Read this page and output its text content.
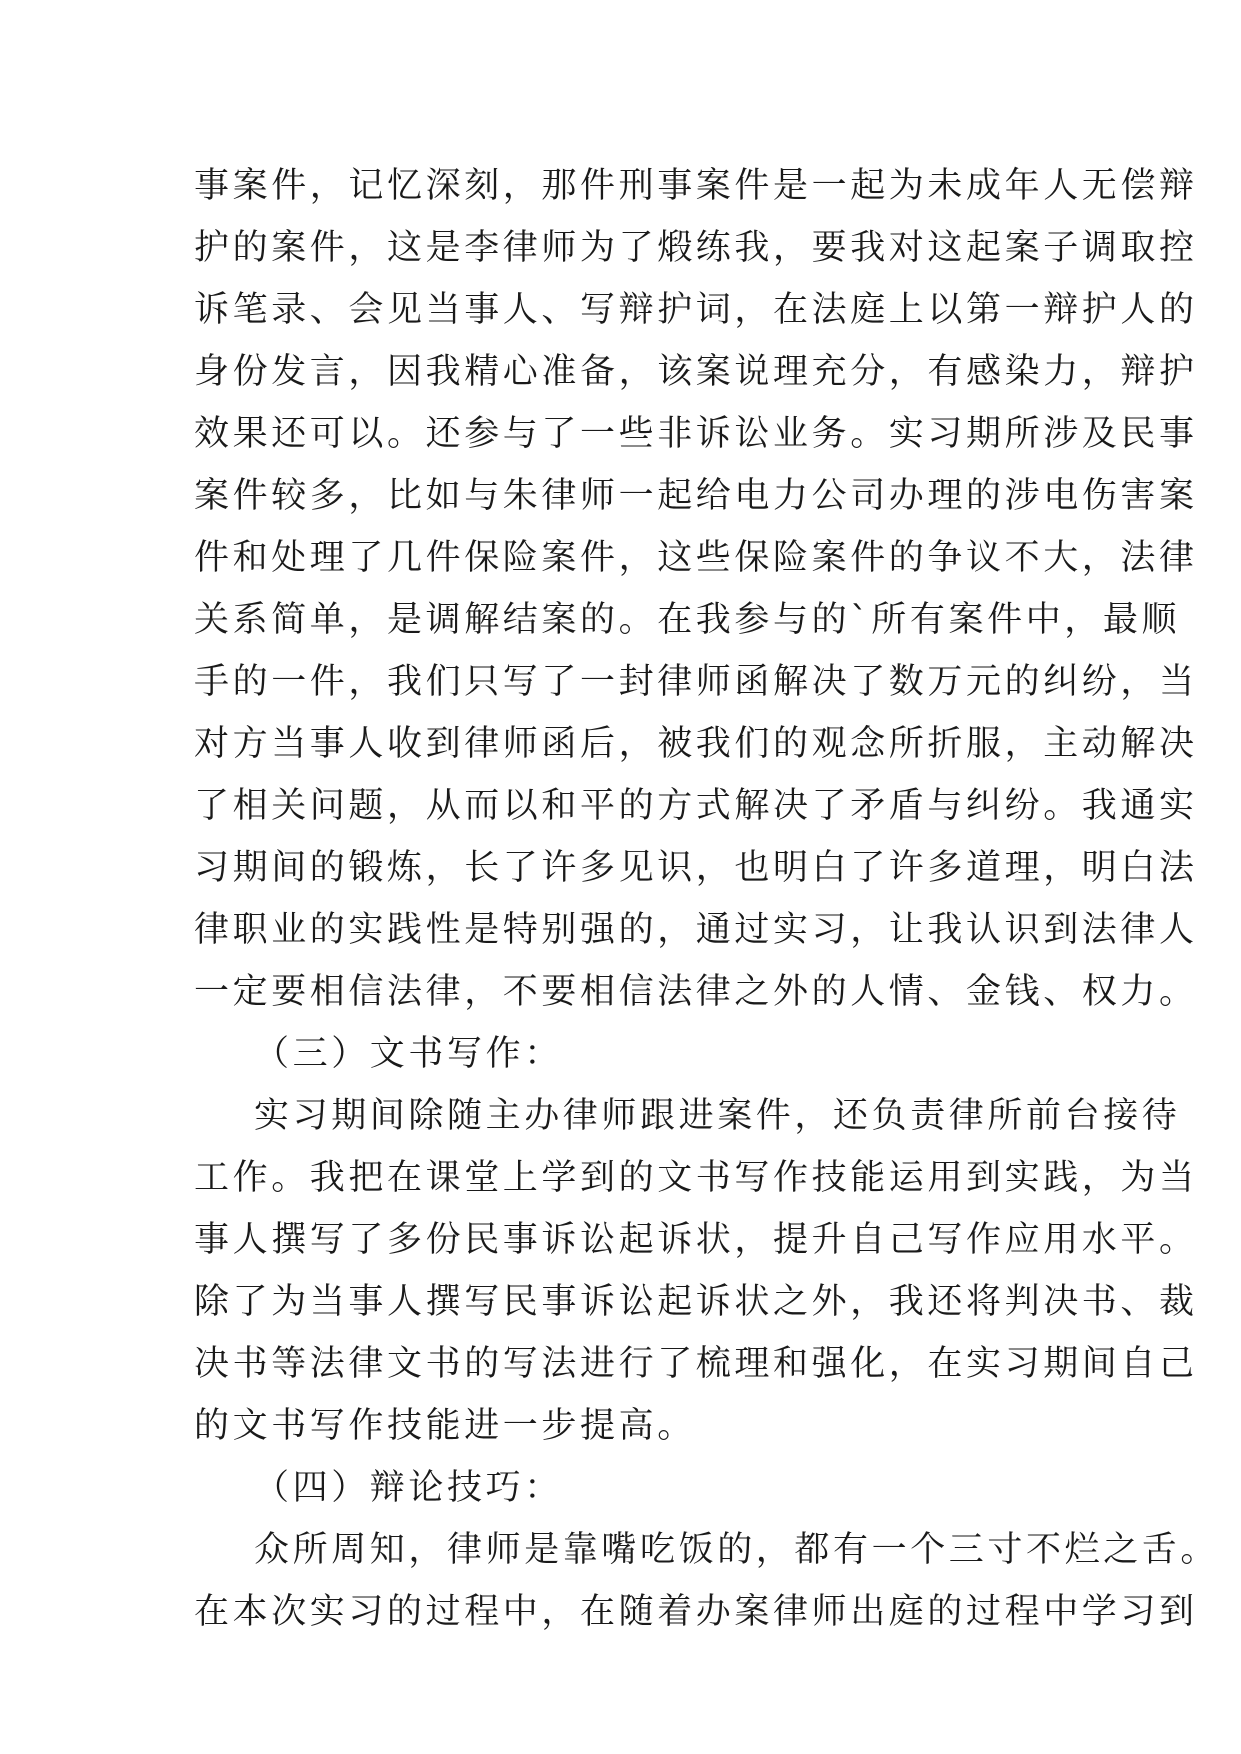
事案件，记忆深刻，那件刑事案件是一起为未成年人无偿辩
护的案件，这是李律师为了煅练我，要我对这起案子调取控
诉笔录、会见当事人、写辩护词，在法庭上以第一辩护人的
身份发言，因我精心准备，该案说理充分，有感染力，辩护
效果还可以。还参与了一些非诉讼业务。实习期所涉及民事
案件较多，比如与朱律师一起给电力公司办理的涉电伤害案
件和处理了几件保险案件，这些保险案件的争议不大，法律
关系简单，是调解结案的。在我参与的`所有案件中，最顺
手的一件，我们只写了一封律师函解决了数万元的纠纷，当
对方当事人收到律师函后，被我们的观念所折服，主动解决
了相关问题，从而以和平的方式解决了矛盾与纠纷。我通实
习期间的锻炼，长了许多见识，也明白了许多道理，明白法
律职业的实践性是特别强的，通过实习，让我认识到法律人
一定要相信法律，不要相信法律之外的人情、金钱、权力。
（三）文书写作：
实习期间除随主办律师跟进案件，还负责律所前台接待
工作。我把在课堂上学到的文书写作技能运用到实践，为当
事人撰写了多份民事诉讼起诉状，提升自己写作应用水平。
除了为当事人撰写民事诉讼起诉状之外，我还将判决书、裁
决书等法律文书的写法进行了梳理和强化，在实习期间自己
的文书写作技能进一步提高。
（四）辩论技巧：
众所周知，律师是靠嘴吃饭的，都有一个三寸不烂之舌。
在本次实习的过程中，在随着办案律师出庭的过程中学习到
